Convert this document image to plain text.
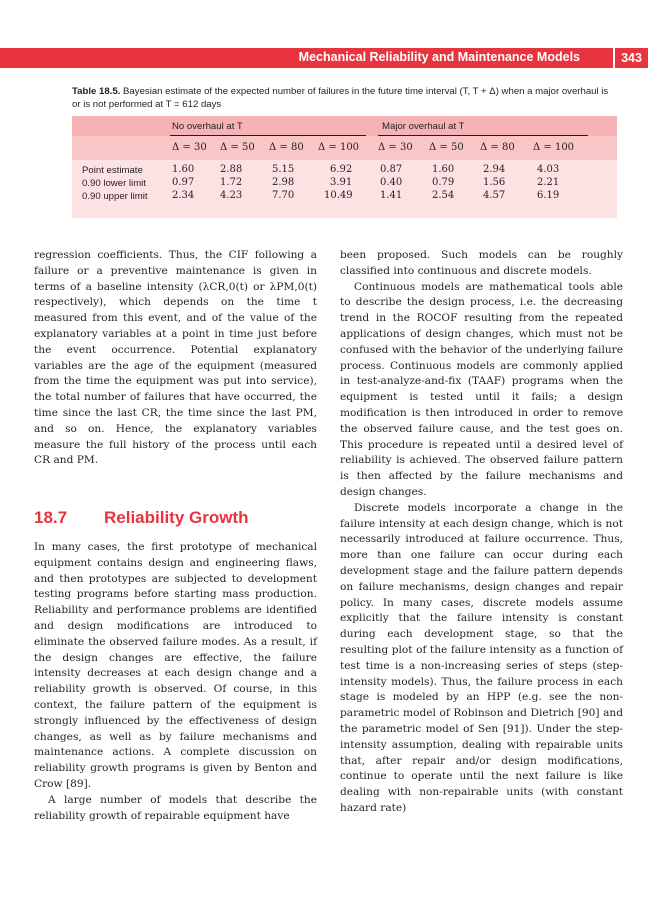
Mechanical Reliability and Maintenance Models	343
Table 18.5. Bayesian estimate of the expected number of failures in the future time interval (T, T + Δ) when a major overhaul is or is not performed at T = 612 days
No overhaul at T	Major overhaul at T
Δ = 30 Δ = 50 Δ = 80 Δ = 100 Δ = 30 Δ = 50 Δ = 80 Δ = 100
Point estimate	1.60	2.88	5.15	6.92	0.87	1.60	2.94	4.03
0.90 lower limit	0.97	1.72	2.98	3.91	0.40	0.79	1.56	2.21
0.90 upper limit 2.34	4.23	7.70	10.49	1.41	2.54	4.57	6.19

regression coefficients. Thus, the CIF following a failure or a preventive maintenance is given in terms of a baseline intensity (λCR,0(t) or λPM,0(t) respectively), which depends on the time t measured from this event, and of the value of the explanatory variables at a point in time just before the event occurrence. Potential explanatory variables are the age of the equipment (measured from the time the equipment was put into service), the total number of failures that have occurred, the time since the last CR, the time since the last PM, and so on. Hence, the explanatory variables measure the full history of the process until each CR and PM.

18.7 Reliability Growth

In many cases, the first prototype of mechanical equipment contains design and engineering flaws, and then prototypes are subjected to development testing programs before starting mass production. Reliability and performance problems are identified and design modifications are introduced to eliminate the observed failure modes. As a result, if the design changes are effective, the failure intensity decreases at each design change and a reliability growth is observed. Of course, in this context, the failure pattern of the equipment is strongly influenced by the effectiveness of design changes, as well as by failure mechanisms and maintenance actions. A complete discussion on reliability growth programs is given by Benton and Crow [89].

A large number of models that describe the reliability growth of repairable equipment have

been proposed. Such models can be roughly classified into continuous and discrete models.

Continuous models are mathematical tools able to describe the design process, i.e. the decreasing trend in the ROCOF resulting from the repeated applications of design changes, which must not be confused with the behavior of the underlying failure process. Continuous models are commonly applied in test-analyze-and-fix (TAAF) programs when the equipment is tested until it fails; a design modification is then introduced in order to remove the observed failure cause, and the test goes on. This procedure is repeated until a desired level of reliability is achieved. The observed failure pattern is then affected by the failure mechanisms and design changes.

Discrete models incorporate a change in the failure intensity at each design change, which is not necessarily introduced at failure occurrence. Thus, more than one failure can occur during each development stage and the failure pattern depends on failure mechanisms, design changes and repair policy. In many cases, discrete models assume explicitly that the failure intensity is constant during each development stage, so that the resulting plot of the failure intensity as a function of test time is a non-increasing series of steps (step-intensity models). Thus, the failure process in each stage is modeled by an HPP (e.g. see the non-parametric model of Robinson and Dietrich [90] and the parametric model of Sen [91]). Under the step-intensity assumption, dealing with repairable units that, after repair and/or design modifications, continue to operate until the next failure is like dealing with non-repairable units (with constant hazard rate)
